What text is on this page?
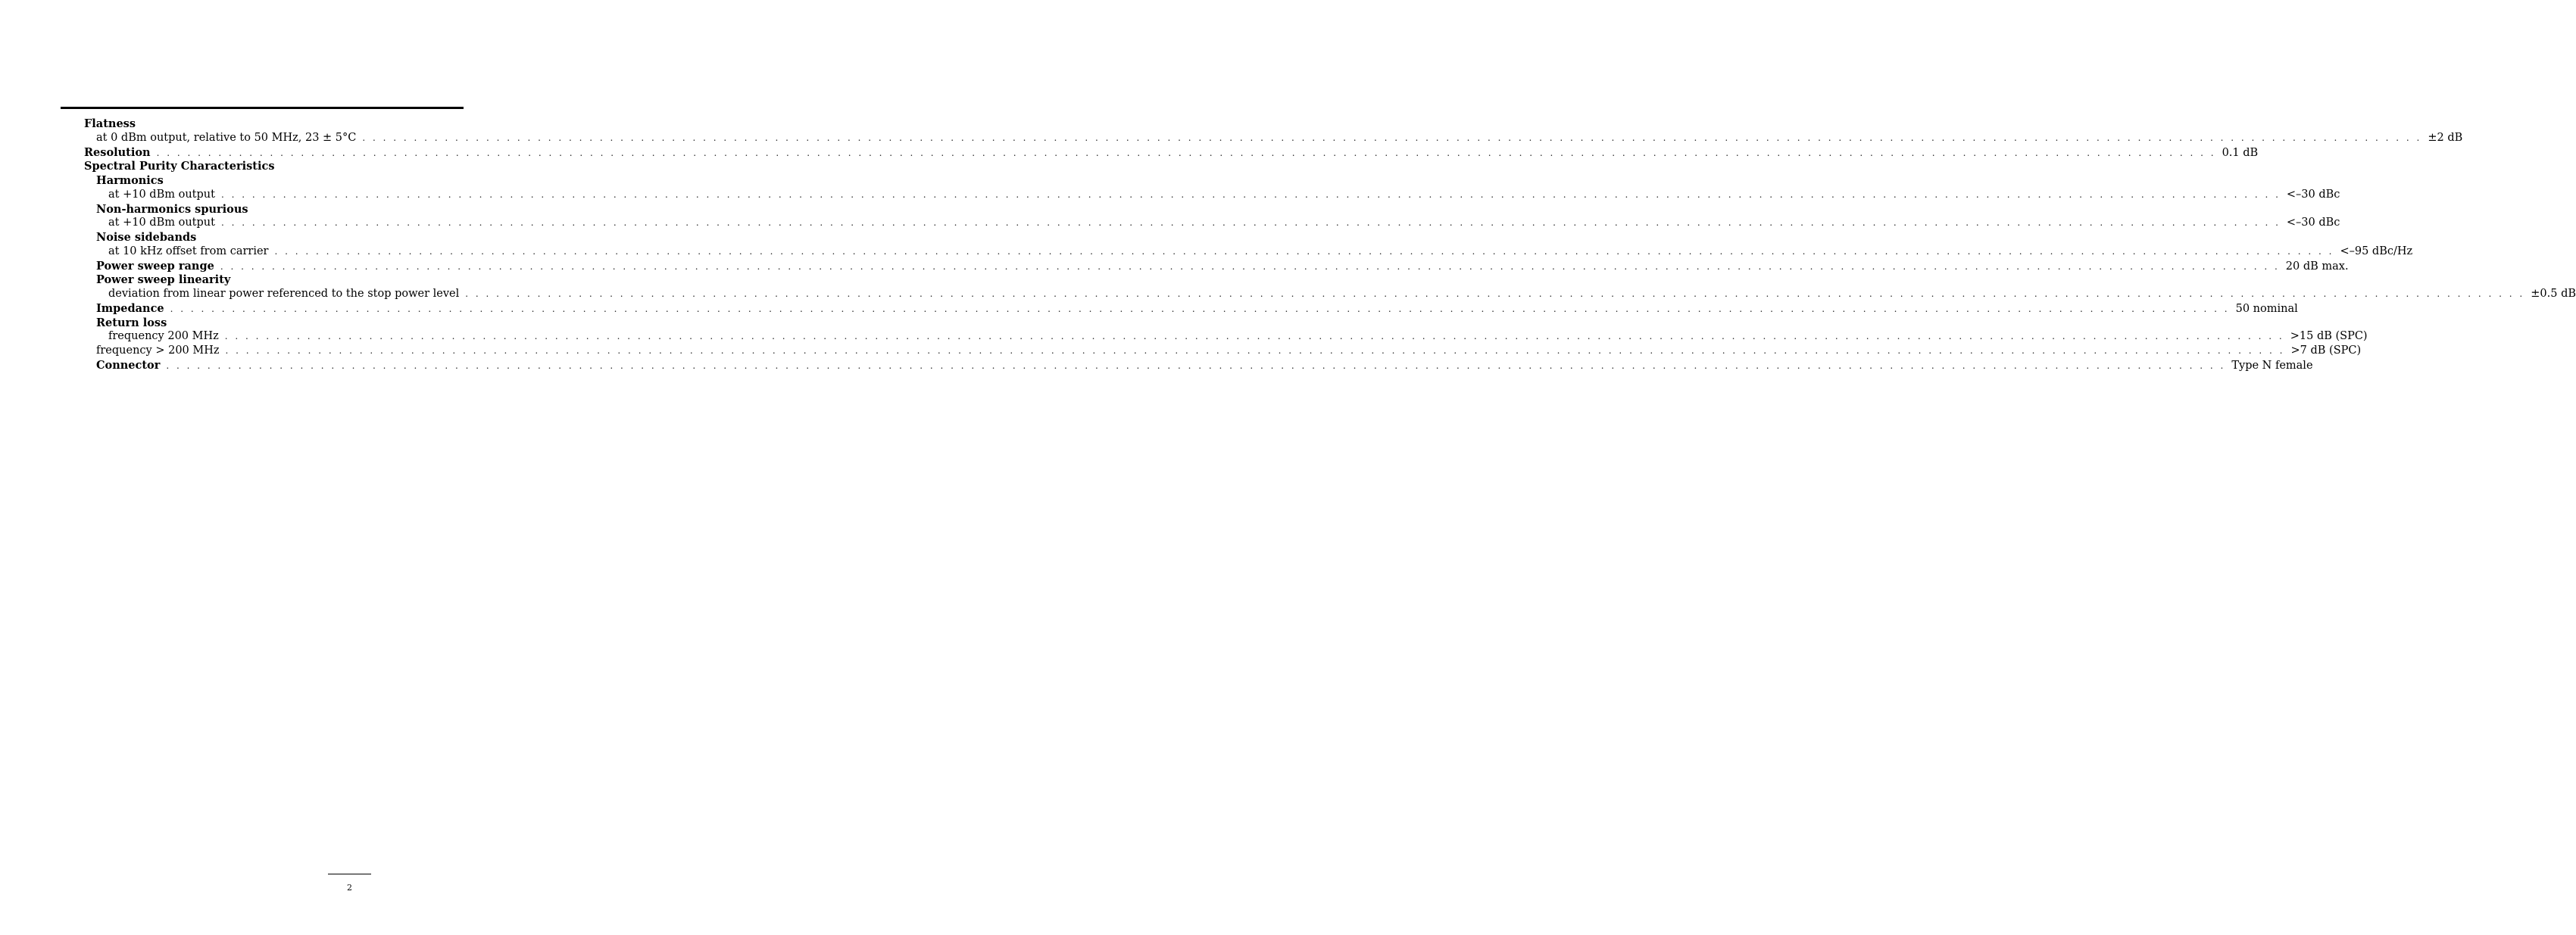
Flatness
at 0 dBm output, relative to 50 MHz, 23 ± 5°C . . . . . . . . . . . . . . . . . . . . . . . . . . . . . . . . . . . . . . . . . . . . . . . . . . . . . . . . . . . . . . . . . . . . . . . . . . . . . . . . . . . . . . . . . . . . . . . . . . . . . . . . . . . . . . . . . . . . . . . . . . . . . . . . . . . . . . . . . . . . . . . . . . . . . . . . . . . . . . . . . . . . . . . . . . . . . . . . . . . . . . . . . . . . . . . . . . . . . . . . ±2 dB
Resolution . . . . . . . . . . . . . . . . . . . . . . . . . . . . . . . . . . . . . . . . . . . . . . . . . . . . . . . . . . . . . . . . . . . . . . . . . . . . . . . . . . . . . . . . . . . . . . . . . . . . . . . . . . . . . . . . . . . . . . . . . . . . . . . . . . . . . . . . . . . . . . . . . . . . . . . . . . . . . . . . . . . . . . . . . . . . . . . . . . . . . . . . . . . . . . . . . . . . . . . . 0.1 dB
Spectral Purity Characteristics
Harmonics
at +10 dBm output . . . . . . . . . . . . . . . . . . . . . . . . . . . . . . . . . . . . . . . . . . . . . . . . . . . . . . . . . . . . . . . . . . . . . . . . . . . . . . . . . . . . . . . . . . . . . . . . . . . . . . . . . . . . . . . . . . . . . . . . . . . . . . . . . . . . . . . . . . . . . . . . . . . . . . . . . . . . . . . . . . . . . . . . . . . . . . . . . . . . . . . . . . . . . . . . . . . . . . . . <–30 dBc
Non-harmonics spurious
at +10 dBm output . . . . . . . . . . . . . . . . . . . . . . . . . . . . . . . . . . . . . . . . . . . . . . . . . . . . . . . . . . . . . . . . . . . . . . . . . . . . . . . . . . . . . . . . . . . . . . . . . . . . . . . . . . . . . . . . . . . . . . . . . . . . . . . . . . . . . . . . . . . . . . . . . . . . . . . . . . . . . . . . . . . . . . . . . . . . . . . . . . . . . . . . . . . . . . . . . . . . . . . . <–30 dBc
Noise sidebands
at 10 kHz offset from carrier . . . . . . . . . . . . . . . . . . . . . . . . . . . . . . . . . . . . . . . . . . . . . . . . . . . . . . . . . . . . . . . . . . . . . . . . . . . . . . . . . . . . . . . . . . . . . . . . . . . . . . . . . . . . . . . . . . . . . . . . . . . . . . . . . . . . . . . . . . . . . . . . . . . . . . . . . . . . . . . . . . . . . . . . . . . . . . . . . . . . . . . . . . . . . . . . . . . . . . . . <–95 dBc/Hz
Power sweep range . . . . . . . . . . . . . . . . . . . . . . . . . . . . . . . . . . . . . . . . . . . . . . . . . . . . . . . . . . . . . . . . . . . . . . . . . . . . . . . . . . . . . . . . . . . . . . . . . . . . . . . . . . . . . . . . . . . . . . . . . . . . . . . . . . . . . . . . . . . . . . . . . . . . . . . . . . . . . . . . . . . . . . . . . . . . . . . . . . . . . . . . . . . . . . . . . . . . . . . . 20 dB max.
Power sweep linearity
deviation from linear power referenced to the stop power level . . . . . . . . . . . . . . . . . . . . . . . . . . . . . . . . . . . . . . . . . . . . . . . . . . . . . . . . . . . . . . . . . . . . . . . . . . . . . . . . . . . . . . . . . . . . . . . . . . . . . . . . . . . . . . . . . . . . . . . . . . . . . . . . . . . . . . . . . . . . . . . . . . . . . . . . . . . . . . . . . . . . . . . . . . . . . . . . . . . . . . . . . . . . . . . . . . . . . . . . ±0.5 dB
Impedance . . . . . . . . . . . . . . . . . . . . . . . . . . . . . . . . . . . . . . . . . . . . . . . . . . . . . . . . . . . . . . . . . . . . . . . . . . . . . . . . . . . . . . . . . . . . . . . . . . . . . . . . . . . . . . . . . . . . . . . . . . . . . . . . . . . . . . . . . . . . . . . . . . . . . . . . . . . . . . . . . . . . . . . . . . . . . . . . . . . . . . . . . . . . . . . . . . . . . . . . 50 nominal
Return loss
frequency 200 MHz . . . . . . . . . . . . . . . . . . . . . . . . . . . . . . . . . . . . . . . . . . . . . . . . . . . . . . . . . . . . . . . . . . . . . . . . . . . . . . . . . . . . . . . . . . . . . . . . . . . . . . . . . . . . . . . . . . . . . . . . . . . . . . . . . . . . . . . . . . . . . . . . . . . . . . . . . . . . . . . . . . . . . . . . . . . . . . . . . . . . . . . . . . . . . . . . . . . . . . . . >15 dB (SPC)
frequency > 200 MHz . . . . . . . . . . . . . . . . . . . . . . . . . . . . . . . . . . . . . . . . . . . . . . . . . . . . . . . . . . . . . . . . . . . . . . . . . . . . . . . . . . . . . . . . . . . . . . . . . . . . . . . . . . . . . . . . . . . . . . . . . . . . . . . . . . . . . . . . . . . . . . . . . . . . . . . . . . . . . . . . . . . . . . . . . . . . . . . . . . . . . . . . . . . . . . . . . . . . . . . . >7 dB (SPC)
Connector . . . . . . . . . . . . . . . . . . . . . . . . . . . . . . . . . . . . . . . . . . . . . . . . . . . . . . . . . . . . . . . . . . . . . . . . . . . . . . . . . . . . . . . . . . . . . . . . . . . . . . . . . . . . . . . . . . . . . . . . . . . . . . . . . . . . . . . . . . . . . . . . . . . . . . . . . . . . . . . . . . . . . . . . . . . . . . . . . . . . . . . . . . . . . . . . . . . . . . . . Type N female
2
